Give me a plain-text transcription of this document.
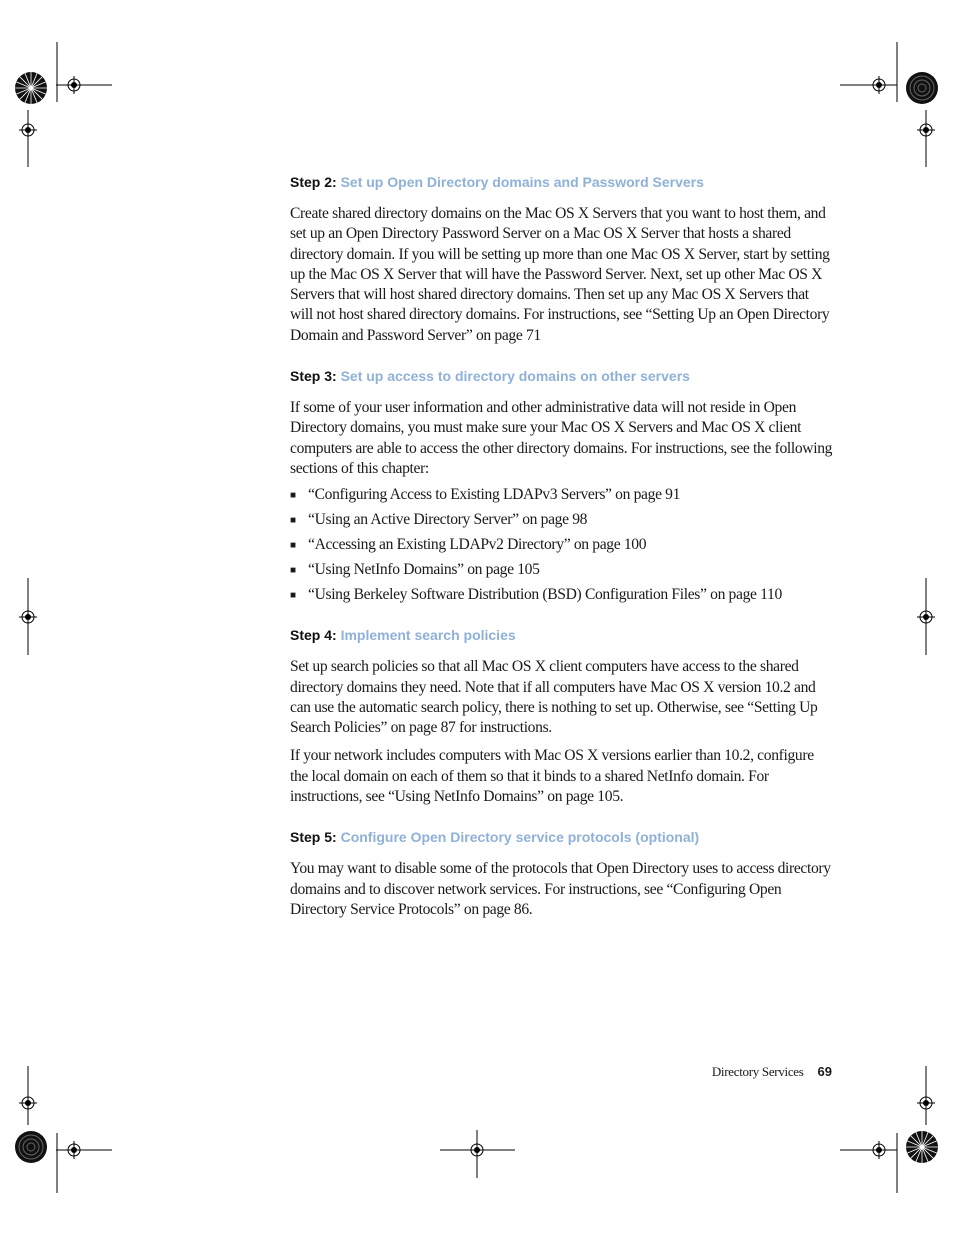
Step 2: Set up Open Directory domains and Password Servers

Create shared directory domains on the Mac OS X Servers that you want to host them, and set up an Open Directory Password Server on a Mac OS X Server that hosts a shared directory domain. If you will be setting up more than one Mac OS X Server, start by setting up the Mac OS X Server that will have the Password Server. Next, set up other Mac OS X Servers that will host shared directory domains. Then set up any Mac OS X Servers that will not host shared directory domains. For instructions, see “Setting Up an Open Directory Domain and Password Server” on page 71

Step 3: Set up access to directory domains on other servers

If some of your user information and other administrative data will not reside in Open Directory domains, you must make sure your Mac OS X Servers and Mac OS X client computers are able to access the other directory domains. For instructions, see the following sections of this chapter:

■ “Configuring Access to Existing LDAPv3 Servers” on page 91
■ “Using an Active Directory Server” on page 98
■ “Accessing an Existing LDAPv2 Directory” on page 100
■ “Using NetInfo Domains” on page 105
■ “Using Berkeley Software Distribution (BSD) Configuration Files” on page 110
Step 4: Implement search policies

Set up search policies so that all Mac OS X client computers have access to the shared directory domains they need. Note that if all computers have Mac OS X version 10.2 and can use the automatic search policy, there is nothing to set up. Otherwise, see “Setting Up Search Policies” on page 87 for instructions.

If your network includes computers with Mac OS X versions earlier than 10.2, configure the local domain on each of them so that it binds to a shared NetInfo domain. For instructions, see “Using NetInfo Domains” on page 105.

Step 5: Configure Open Directory service protocols (optional)

You may want to disable some of the protocols that Open Directory uses to access directory domains and to discover network services. For instructions, see “Configuring Open Directory Service Protocols” on page 86.

Directory Services 69
